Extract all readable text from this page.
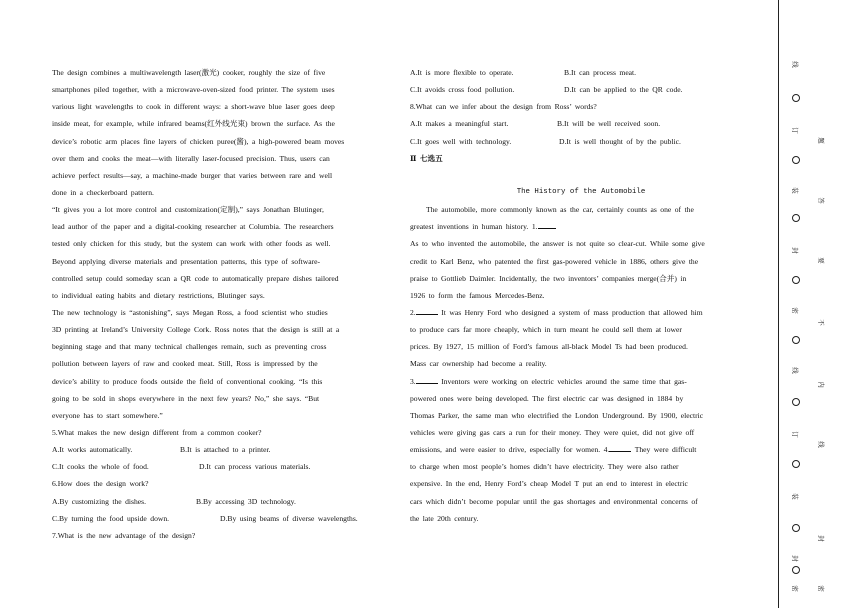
The design combines a multiwavelength laser(激光) cooker, roughly the size of five
smartphones piled together, with a microwave-oven-sized food printer. The system uses
various light wavelengths to cook in different ways: a short-wave blue laser goes deep
inside meat, for example, while infrared beams(红外线光束) brown the surface. As the
device’s robotic arm places fine layers of chicken puree(酱), a high-powered beam moves
over them and cooks the meat—with literally laser-focused precision. Thus, users can
achieve perfect results—say, a machine-made burger that varies between rare and well
done in a checkerboard pattern.
“It gives you a lot more control and customization(定制),” says Jonathan Blutinger,
lead author of the paper and a digital-cooking researcher at Columbia. The researchers
tested only chicken for this study, but the system can work with other foods as well.
Beyond applying diverse materials and presentation patterns, this type of software-
controlled setup could someday scan a QR code to automatically prepare dishes tailored
to individual eating habits and dietary restrictions, Blutinger says.
The new technology is “astonishing”, says Megan Ross, a food scientist who studies
3D printing at Ireland’s University College Cork. Ross notes that the design is still at a
beginning stage and that many technical challenges remain, such as preventing cross
pollution between layers of raw and cooked meat. Still, Ross is impressed by the
device’s ability to produce foods outside the field of conventional cooking. “Is this
going to be sold in shops everywhere in the next few years? No,” she says. “But
everyone has to start somewhere.”
5.What makes the new design different from a common cooker?
A.It works automatically.	B.It is attached to a printer.
C.It cooks the whole of food.	D.It can process various materials.
6.How does the design work?
A.By customizing the dishes.	B.By accessing 3D technology.
C.By turning the food upside down.	D.By using beams of diverse wavelengths.
7.What is the new advantage of the design?
A.It is more flexible to operate.	B.It can process meat.
C.It avoids cross food pollution.	D.It can be applied to the QR code.
8.What can we infer about the design from Ross’ words?
A.It makes a meaningful start.	B.It will be well received soon.
C.It goes well with technology.	D.It is well thought of by the public.
Ⅱ 七选五
The History of the Automobile
The automobile, more commonly known as the car, certainly counts as one of the
greatest inventions in human history. 1.
As to who invented the automobile, the answer is not quite so clear-cut. While some give
credit to Karl Benz, who patented the first gas-powered vehicle in 1886, others give the
praise to Gottlieb Daimler. Incidentally, the two inventors’ companies merge(合并) in
1926 to form the famous Mercedes-Benz.
2.	It was Henry Ford who designed a system of mass production that allowed him
to produce cars far more cheaply, which in turn meant he could sell them at lower
prices. By 1927, 15 million of Ford’s famous all-black Model Ts had been produced.
Mass car ownership had become a reality.
3.	Inventors were working on electric vehicles around the same time that gas-
powered ones were being developed. The first electric car was designed in 1884 by
Thomas Parker, the same man who electrified the London Underground. By 1900, electric
vehicles were giving gas cars a run for their money. They were quiet, did not give off
emissions, and were easier to drive, especially for women. 4.	They were difficult
to charge when most people’s homes didn’t have electricity. They were also rather
expensive. In the end, Henry Ford’s cheap Model T put an end to interest in electric
cars which didn’t become popular until the gas shortages and environmental concerns of
the late 20th century.
线
订
装
封
密
线
订
装
封
密
题
答
要
不
内
线
封
密
